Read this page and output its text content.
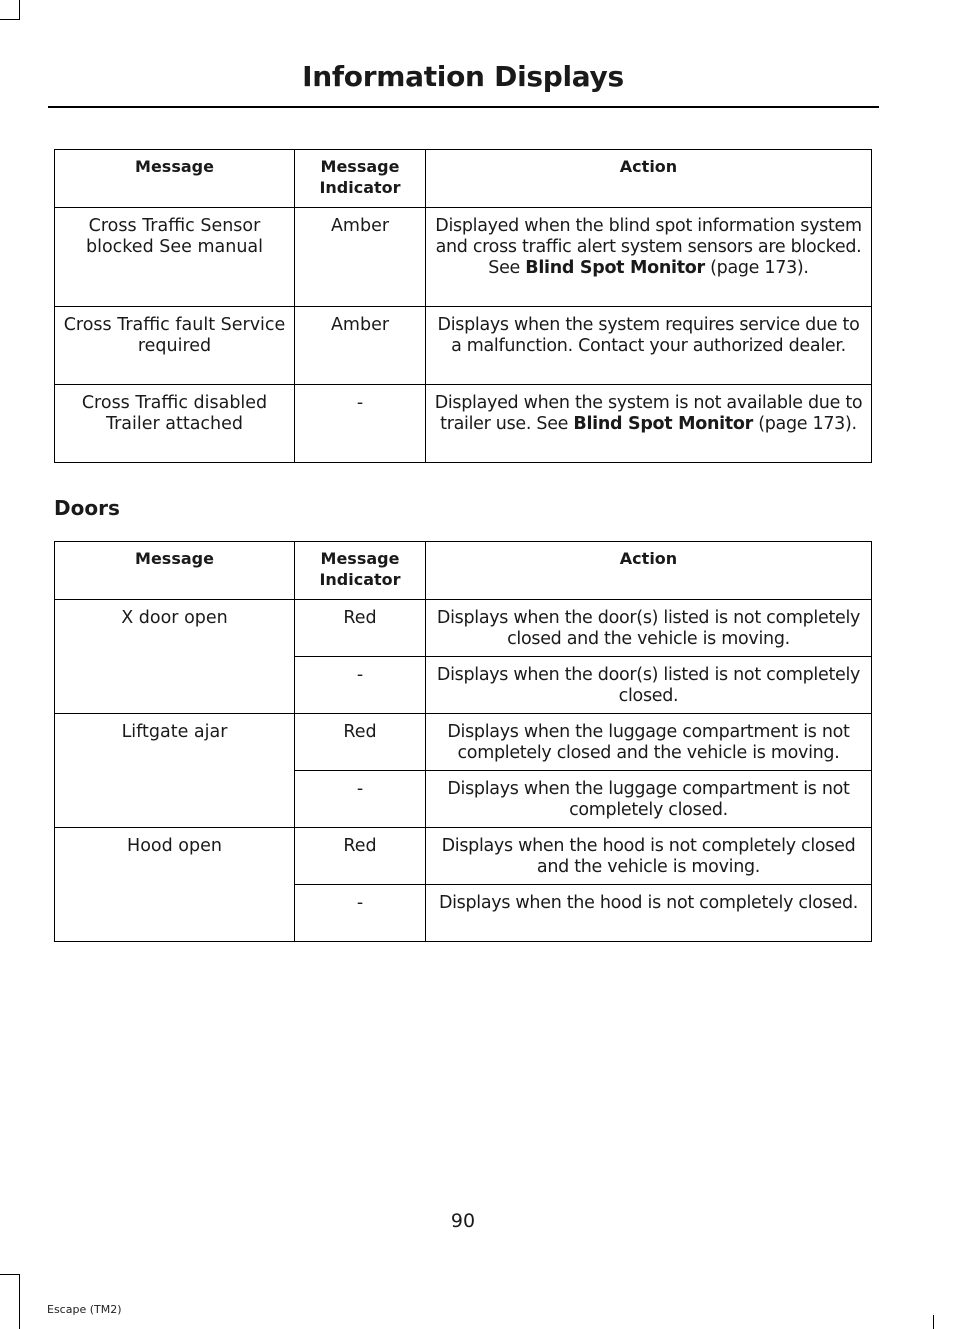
Information Displays
Message	Message Indicator	Action
Cross Traffic Sensor blocked See manual	Amber	Displayed when the blind spot information system and cross traffic alert system sensors are blocked. See Blind Spot Monitor (page 173).
Cross Traffic fault Service required	Amber	Displays when the system requires service due to a malfunction. Contact your authorized dealer.
Cross Traffic disabled Trailer attached	-	Displayed when the system is not available due to trailer use. See Blind Spot Monitor (page 173).
Doors
Message	Message Indicator	Action
X door open	Red	Displays when the door(s) listed is not completely closed and the vehicle is moving.
	-	Displays when the door(s) listed is not completely closed.
Liftgate ajar	Red	Displays when the luggage compartment is not completely closed and the vehicle is moving.
	-	Displays when the luggage compartment is not completely closed.
Hood open	Red	Displays when the hood is not completely closed and the vehicle is moving.
	-	Displays when the hood is not completely closed.
90
Escape (TM2)
